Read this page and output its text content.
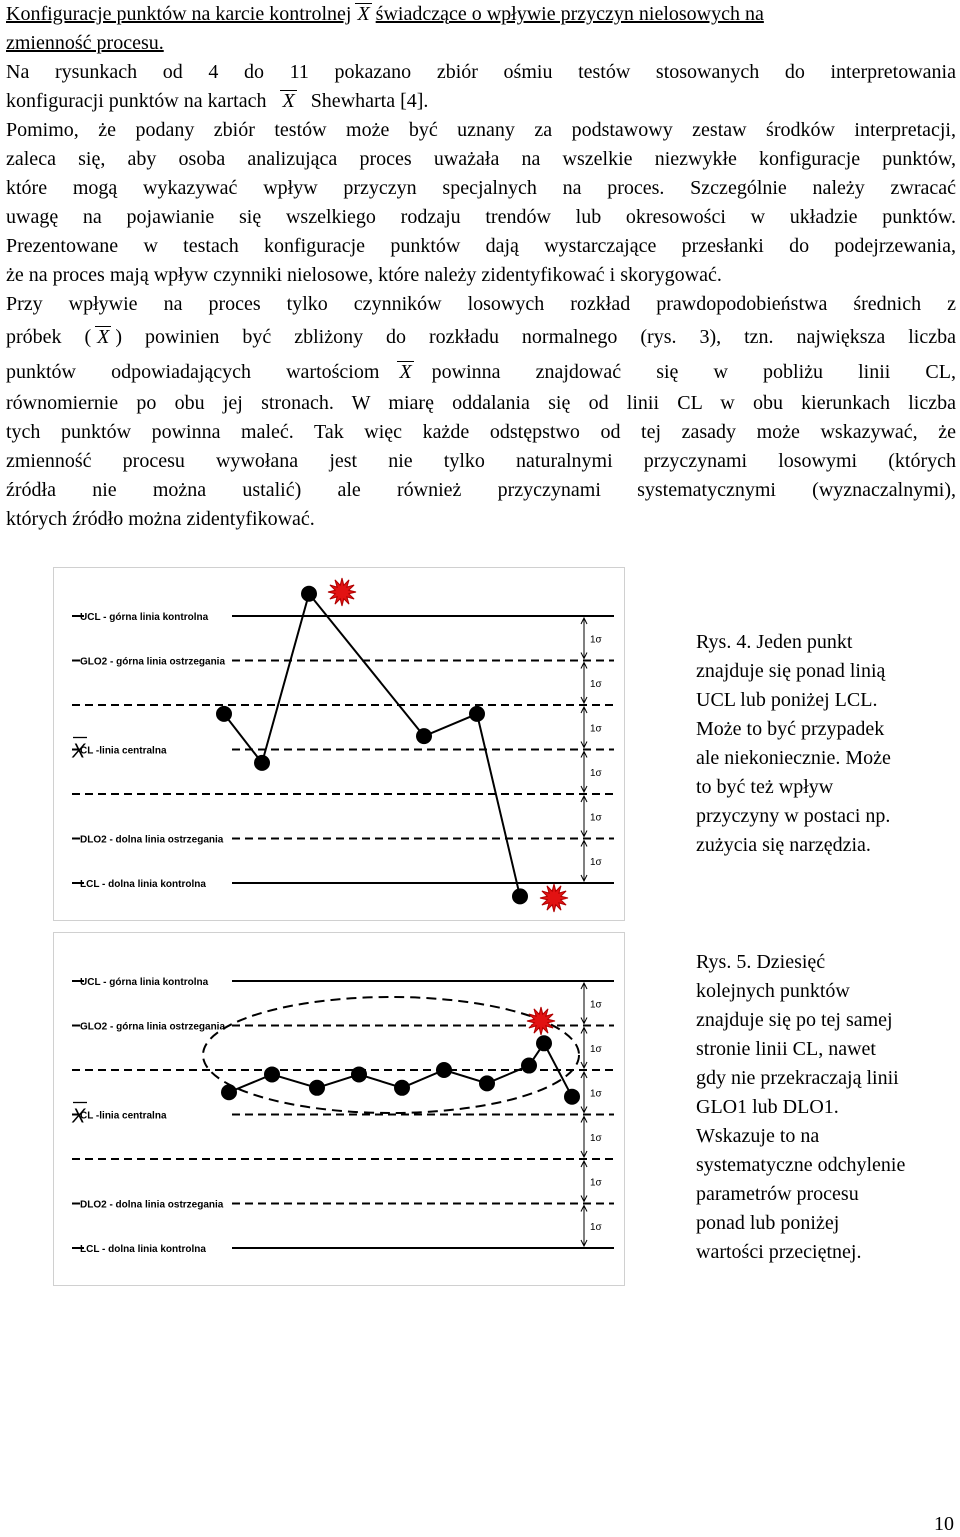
Konfiguracje punktów na karcie kontrolnej X świadczące o wpływie przyczyn nielosowych na
zmienność procesu.
Na rysunkach od 4 do 11 pokazano zbiór ośmiu testów stosowanych do interpretowania
konfiguracji punktów na kartach X Shewharta [4].
Pomimo, że podany zbiór testów może być uznany za podstawowy zestaw środków interpretacji,
zaleca się, aby osoba analizująca proces uważała na wszelkie niezwykłe konfiguracje punktów,
które mogą wykazywać wpływ przyczyn specjalnych na proces. Szczególnie należy zwracać
uwagę na pojawianie się wszelkiego rodzaju trendów lub okresowości w układzie punktów.
Prezentowane w testach konfiguracje punktów dają wystarczające przesłanki do podejrzewania,
że na proces mają wpływ czynniki nielosowe, które należy zidentyfikować i skorygować.
Przy wpływie na proces tylko czynników losowych rozkład prawdopodobieństwa średnich z
próbek ( X ) powinien być zbliżony do rozkładu normalnego (rys. 3), tzn. największa liczba
punktów odpowiadających wartościom X powinna znajdować się w pobliżu linii CL,
równomiernie po obu jej stronach. W miarę oddalania się od linii CL w obu kierunkach liczba
tych punktów powinna maleć. Tak więc każde odstępstwo od tej zasady może wskazywać, że
zmienność procesu wywołana jest nie tylko naturalnymi przyczynami losowymi (których
źródła nie można ustalić) ale również przyczynami systematycznymi (wyznaczalnymi),
których źródło można zidentyfikować.
UCL - górna linia kontrolna
GLO2 - górna linia ostrzegania
CL -linia centralna
X
DLO2 - dolna linia ostrzegania
LCL - dolna linia kontrolna
1σ
1σ
1σ
1σ
1σ
1σ
Rys. 4. Jeden punkt
znajduje się ponad linią
UCL lub poniżej LCL.
Może to być przypadek
ale niekoniecznie. Może
to być też wpływ
przyczyny w postaci np.
zużycia się narzędzia.
UCL - górna linia kontrolna
GLO2 - górna linia ostrzegania
CL -linia centralna
X
DLO2 - dolna linia ostrzegania
LCL - dolna linia kontrolna
1σ
1σ
1σ
1σ
1σ
1σ
Rys. 5. Dziesięć
kolejnych punktów
znajduje się po tej samej
stronie linii CL, nawet
gdy nie przekraczają linii
GLO1 lub DLO1.
Wskazuje to na
systematyczne odchylenie
parametrów procesu
ponad lub poniżej
wartości przeciętnej.
10
